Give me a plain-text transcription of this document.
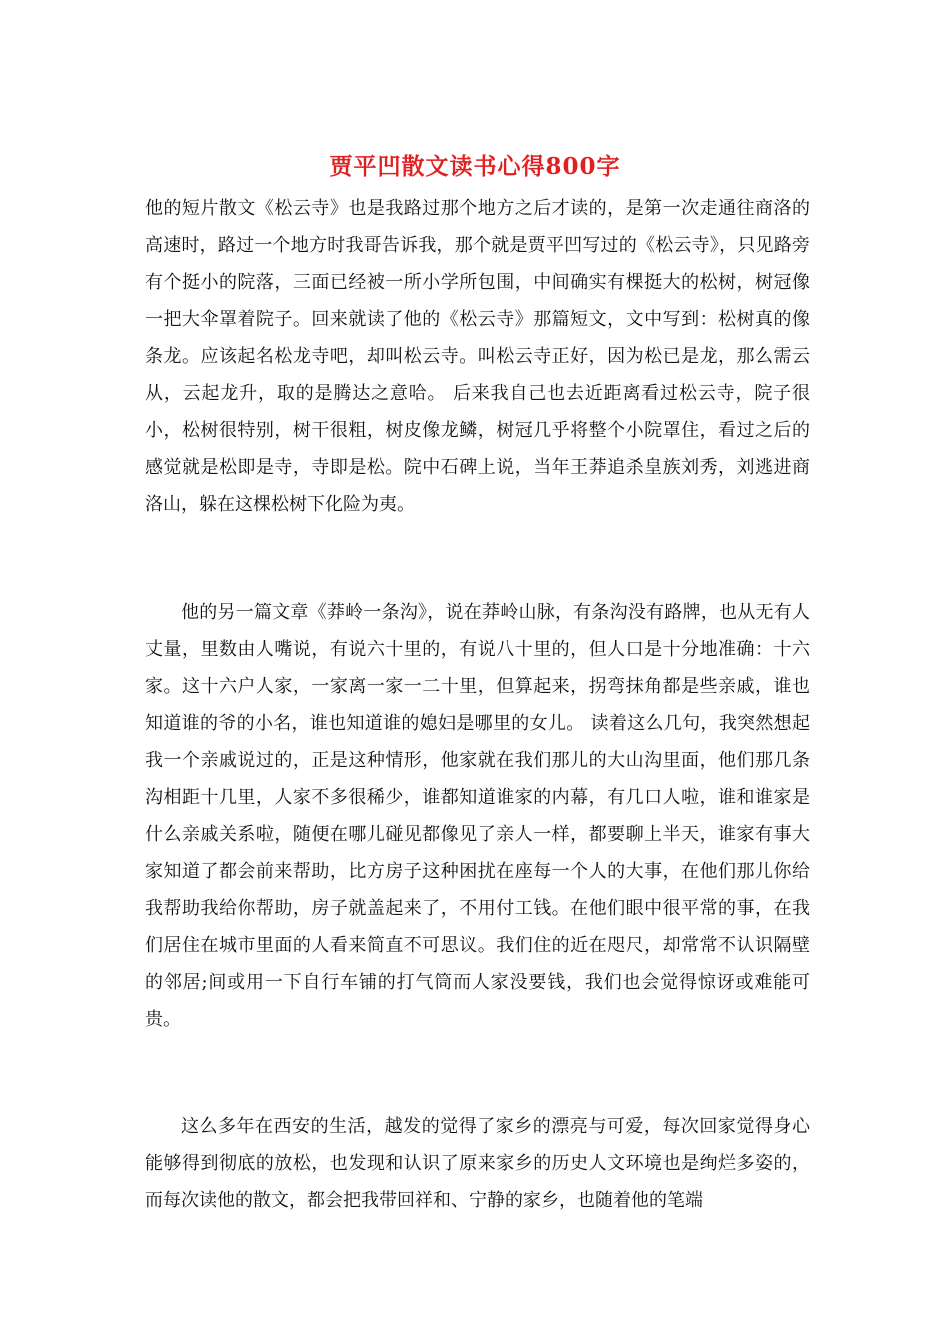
贾平凹散文读书心得800字

他的短片散文《松云寺》也是我路过那个地方之后才读的，是第一次走通往商洛的高速时，路过一个地方时我哥告诉我，那个就是贾平凹写过的《松云寺》，只见路旁有个挺小的院落，三面已经被一所小学所包围，中间确实有棵挺大的松树，树冠像一把大伞罩着院子。回来就读了他的《松云寺》那篇短文，文中写到：松树真的像条龙。应该起名松龙寺吧，却叫松云寺。叫松云寺正好，因为松已是龙，那么需云从，云起龙升，取的是腾达之意哈。 后来我自己也去近距离看过松云寺，院子很小，松树很特别，树干很粗，树皮像龙鳞，树冠几乎将整个小院罩住，看过之后的感觉就是松即是寺，寺即是松。院中石碑上说，当年王莽追杀皇族刘秀，刘逃进商洛山，躲在这棵松树下化险为夷。

他的另一篇文章《莽岭一条沟》，说在莽岭山脉，有条沟没有路牌，也从无有人丈量，里数由人嘴说，有说六十里的，有说八十里的，但人口是十分地准确：十六家。这十六户人家，一家离一家一二十里，但算起来，拐弯抹角都是些亲戚，谁也知道谁的爷的小名，谁也知道谁的媳妇是哪里的女儿。 读着这么几句，我突然想起我一个亲戚说过的，正是这种情形，他家就在我们那儿的大山沟里面，他们那几条沟相距十几里，人家不多很稀少，谁都知道谁家的内幕，有几口人啦，谁和谁家是什么亲戚关系啦，随便在哪儿碰见都像见了亲人一样，都要聊上半天，谁家有事大家知道了都会前来帮助，比方房子这种困扰在座每一个人的大事，在他们那儿你给我帮助我给你帮助，房子就盖起来了，不用付工钱。在他们眼中很平常的事，在我们居住在城市里面的人看来简直不可思议。我们住的近在咫尺，却常常不认识隔壁的邻居;间或用一下自行车铺的打气筒而人家没要钱，我们也会觉得惊讶或难能可贵。

这么多年在西安的生活，越发的觉得了家乡的漂亮与可爱，每次回家觉得身心能够得到彻底的放松，也发现和认识了原来家乡的历史人文环境也是绚烂多姿的，而每次读他的散文，都会把我带回祥和、宁静的家乡，也随着他的笔端
